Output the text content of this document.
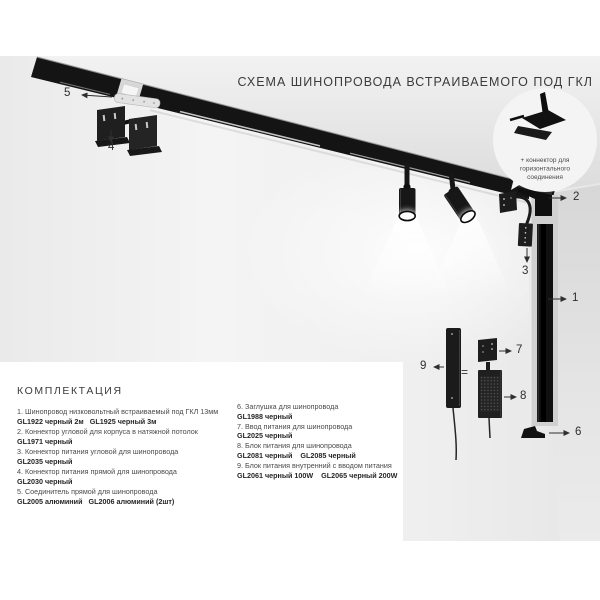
+ коннектор для
горизонтального
соединения
СХЕМА ШИНОПРОВОДА ВСТРАИВАЕМОГО ПОД ГКЛ
5
4
2
3
1
9	=
7
8
6
КОМПЛЕКТАЦИЯ
1. Шинопровод низковольтный встраиваемый под ГКЛ 13мм
GL1922 черный 2м   GL1925 черный 3м
2. Коннектор угловой для корпуса в натяжной потолок
GL1971 черный
3. Коннектор питания угловой для шинопровода
GL2035 черный
4. Коннектор питания прямой для шинопровода
GL2030 черный
5. Соединитель прямой для шинопровода
GL2005 алюминий   GL2006 алюминий (2шт)
6. Заглушка для шинопровода
GL1988 черный
7. Ввод питания для шинопровода
GL2025 черный
8. Блок питания для шинопровода
GL2081 черный    GL2085 черный
9. Блок питания внутренний с вводом питания
GL2061 черный 100W    GL2065 черный 200W
